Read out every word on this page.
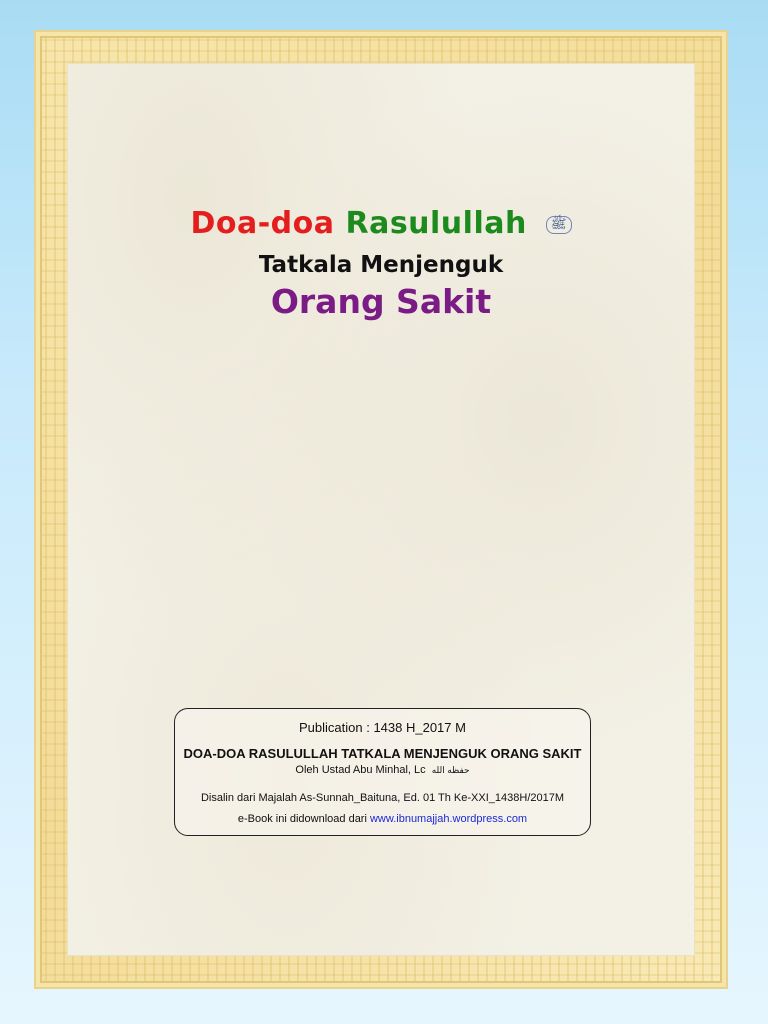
Doa-doa Rasulullah ﷺ
Tatkala Menjenguk
Orang Sakit
Publication : 1438 H_2017 M
DOA-DOA RASULULLAH TATKALA MENJENGUK ORANG SAKIT
Oleh Ustad Abu Minhal, Lc حفظه الله
Disalin dari Majalah As-Sunnah_Baituna, Ed. 01 Th Ke-XXI_1438H/2017M
e-Book ini didownload dari www.ibnumajjah.wordpress.com
